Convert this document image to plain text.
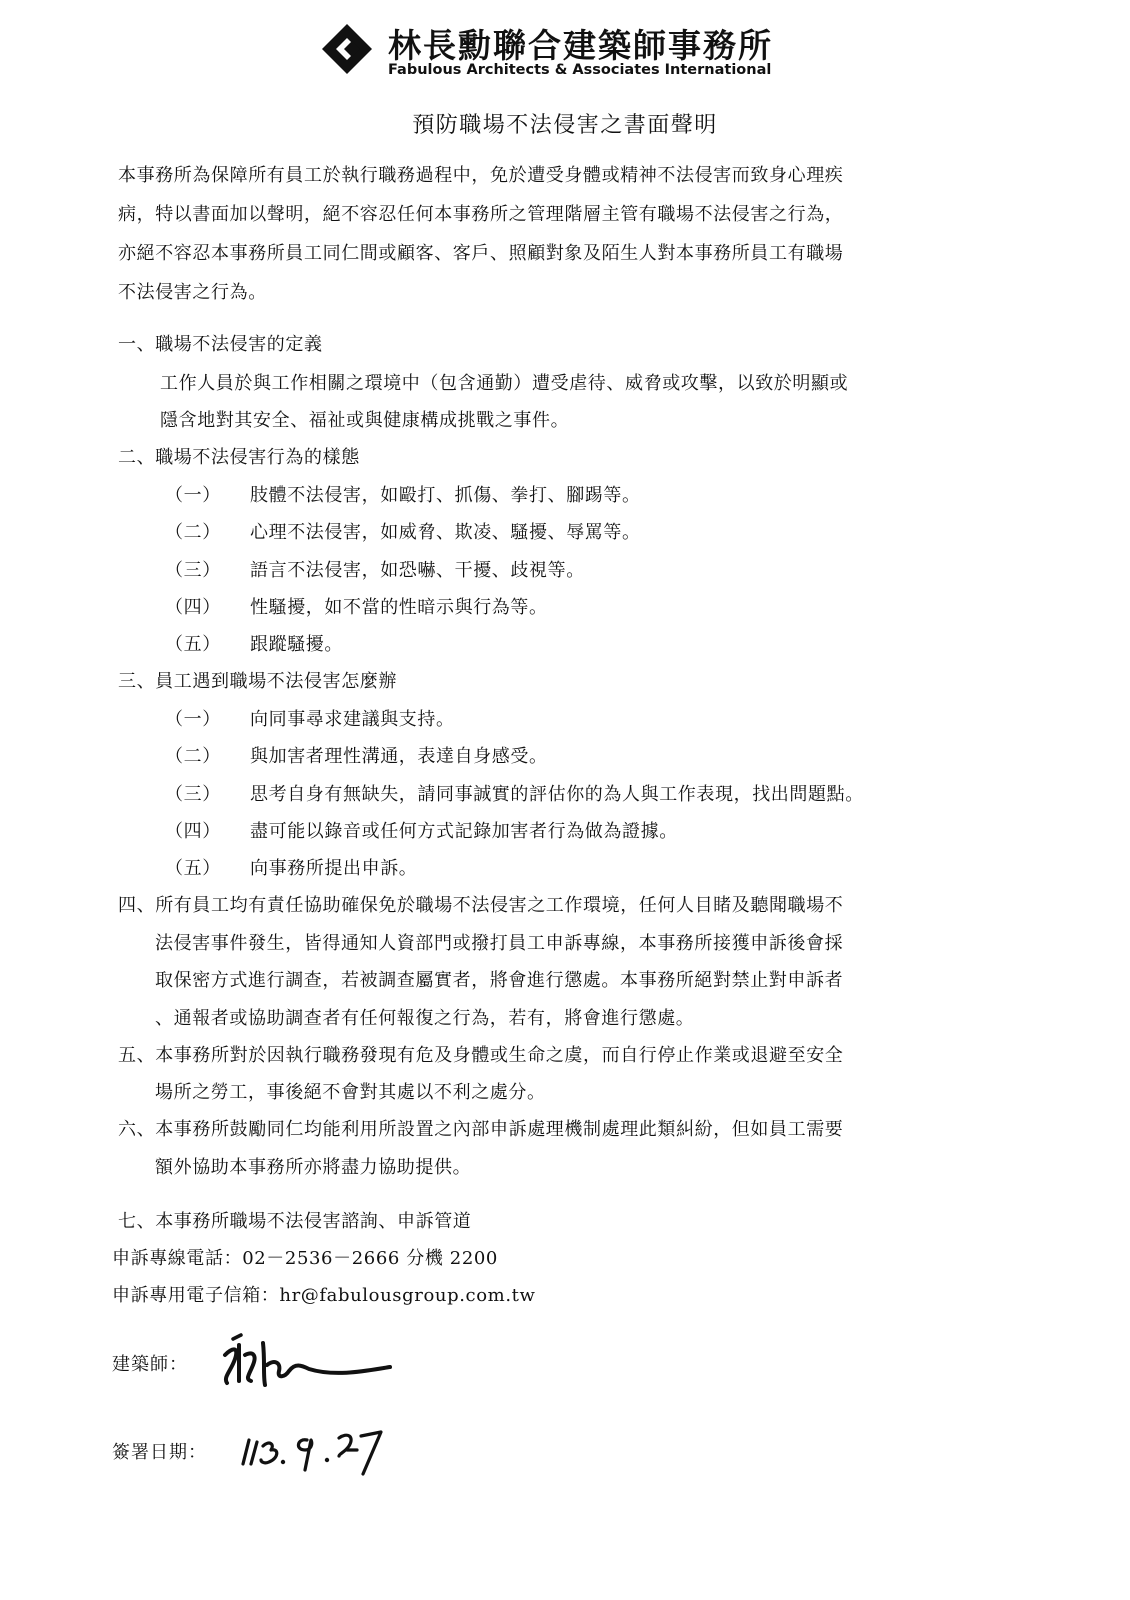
林長勳聯合建築師事務所
Fabulous Architects & Associates International
預防職場不法侵害之書面聲明

本事務所為保障所有員工於執行職務過程中，免於遭受身體或精神不法侵害而致身心理疾

病，特以書面加以聲明，絕不容忍任何本事務所之管理階層主管有職場不法侵害之行為，

亦絕不容忍本事務所員工同仁間或顧客、客戶、照顧對象及陌生人對本事務所員工有職場

不法侵害之行為。

一、職場不法侵害的定義
工作人員於與工作相關之環境中（包含通勤）遭受虐待、威脅或攻擊，以致於明顯或
隱含地對其安全、福祉或與健康構成挑戰之事件。
二、職場不法侵害行為的樣態
（一） 肢體不法侵害，如毆打、抓傷、拳打、腳踢等。
（二） 心理不法侵害，如威脅、欺凌、騷擾、辱罵等。
（三） 語言不法侵害，如恐嚇、干擾、歧視等。
（四） 性騷擾，如不當的性暗示與行為等。
（五） 跟蹤騷擾。
三、員工遇到職場不法侵害怎麼辦
（一） 向同事尋求建議與支持。
（二） 與加害者理性溝通，表達自身感受。
（三） 思考自身有無缺失，請同事誠實的評估你的為人與工作表現，找出問題點。
（四） 盡可能以錄音或任何方式記錄加害者行為做為證據。
（五） 向事務所提出申訴。
四、所有員工均有責任協助確保免於職場不法侵害之工作環境，任何人目睹及聽聞職場不
法侵害事件發生，皆得通知人資部門或撥打員工申訴專線，本事務所接獲申訴後會採
取保密方式進行調查，若被調查屬實者，將會進行懲處。本事務所絕對禁止對申訴者
、通報者或協助調查者有任何報復之行為，若有，將會進行懲處。
五、本事務所對於因執行職務發現有危及身體或生命之虞，而自行停止作業或退避至安全
場所之勞工，事後絕不會對其處以不利之處分。
六、本事務所鼓勵同仁均能利用所設置之內部申訴處理機制處理此類糾紛，但如員工需要
額外協助本事務所亦將盡力協助提供。
七、本事務所職場不法侵害諮詢、申訴管道
申訴專線電話：02－2536－2666 分機 2200
申訴專用電子信箱：hr@fabulousgroup.com.tw
建築師：
簽署日期：
